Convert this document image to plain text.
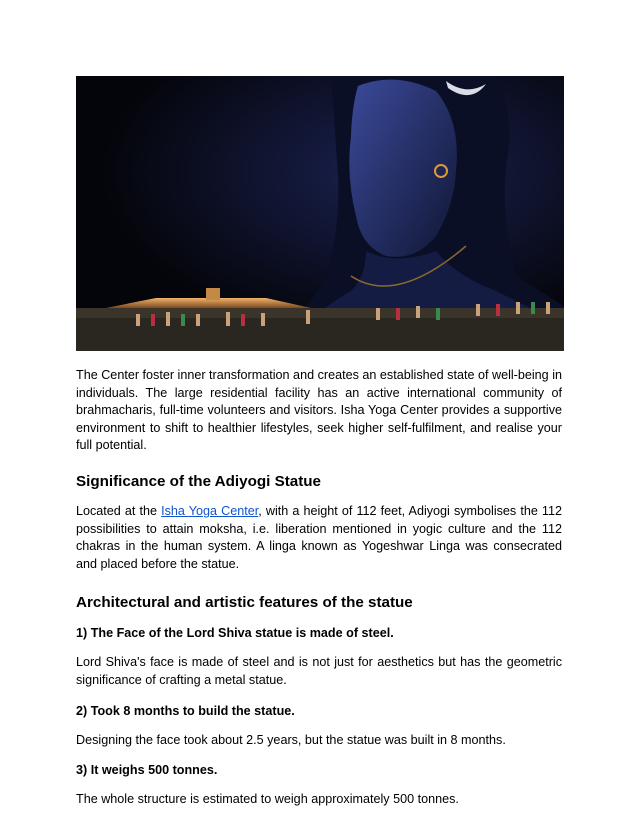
The Center foster inner transformation and creates an established state of well-being in individuals. The large residential facility has an active international community of brahmacharis, full-time volunteers and visitors. Isha Yoga Center provides a supportive environment to shift to healthier lifestyles, seek higher self-fulfilment, and realise your full potential.

Significance of the Adiyogi Statue

Located at the Isha Yoga Center, with a height of 112 feet, Adiyogi symbolises the 112 possibilities to attain moksha, i.e. liberation mentioned in yogic culture and the 112 chakras in the human system. A linga known as Yogeshwar Linga was consecrated and placed before the statue.

Architectural and artistic features of the statue

1) The Face of the Lord Shiva statue is made of steel.

Lord Shiva's face is made of steel and is not just for aesthetics but has the geometric significance of crafting a metal statue.

2) Took 8 months to build the statue.

Designing the face took about 2.5 years, but the statue was built in 8 months.

3) It weighs 500 tonnes.

The whole structure is estimated to weigh approximately 500 tonnes.
